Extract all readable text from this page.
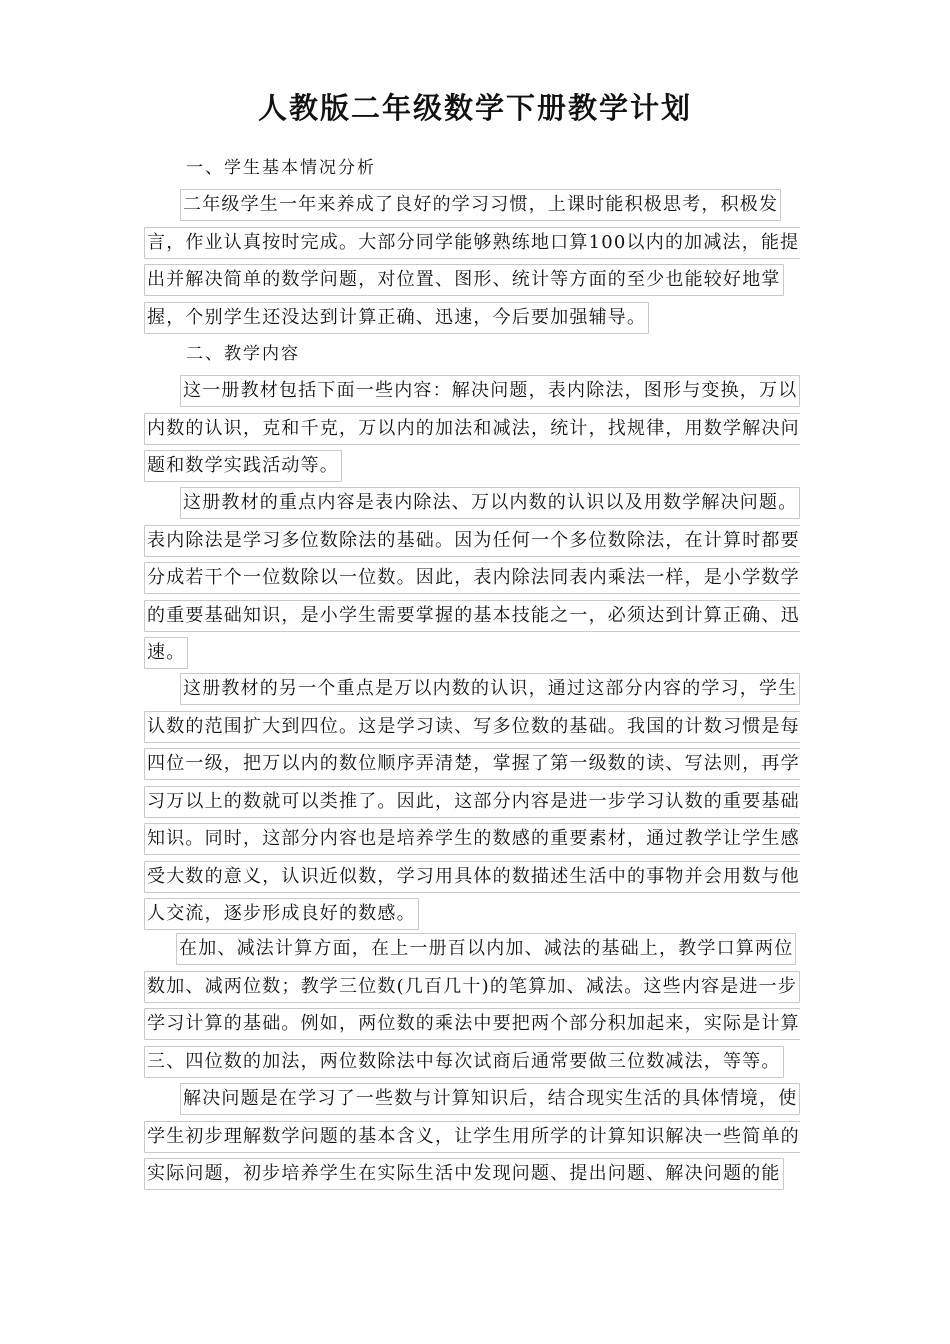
人教版二年级数学下册教学计划
一、学生基本情况分析
二年级学生一年来养成了良好的学习习惯，上课时能积极思考，积极发
言，作业认真按时完成。大部分同学能够熟练地口算100以内的加减法，能提
出并解决简单的数学问题，对位置、图形、统计等方面的至少也能较好地掌
握，个别学生还没达到计算正确、迅速，今后要加强辅导。
二、教学内容
这一册教材包括下面一些内容：解决问题，表内除法，图形与变换，万以
内数的认识，克和千克，万以内的加法和减法，统计，找规律，用数学解决问
题和数学实践活动等。
这册教材的重点内容是表内除法、万以内数的认识以及用数学解决问题。
表内除法是学习多位数除法的基础。因为任何一个多位数除法，在计算时都要
分成若干个一位数除以一位数。因此，表内除法同表内乘法一样，是小学数学
的重要基础知识，是小学生需要掌握的基本技能之一，必须达到计算正确、迅
速。
这册教材的另一个重点是万以内数的认识，通过这部分内容的学习，学生
认数的范围扩大到四位。这是学习读、写多位数的基础。我国的计数习惯是每
四位一级，把万以内的数位顺序弄清楚，掌握了第一级数的读、写法则，再学
习万以上的数就可以类推了。因此，这部分内容是进一步学习认数的重要基础
知识。同时，这部分内容也是培养学生的数感的重要素材，通过教学让学生感
受大数的意义，认识近似数，学习用具体的数描述生活中的事物并会用数与他
人交流，逐步形成良好的数感。
在加、减法计算方面，在上一册百以内加、减法的基础上，教学口算两位
数加、减两位数；教学三位数(几百几十)的笔算加、减法。这些内容是进一步
学习计算的基础。例如，两位数的乘法中要把两个部分积加起来，实际是计算
三、四位数的加法，两位数除法中每次试商后通常要做三位数减法，等等。
解决问题是在学习了一些数与计算知识后，结合现实生活的具体情境，使
学生初步理解数学问题的基本含义，让学生用所学的计算知识解决一些简单的
实际问题，初步培养学生在实际生活中发现问题、提出问题、解决问题的能
